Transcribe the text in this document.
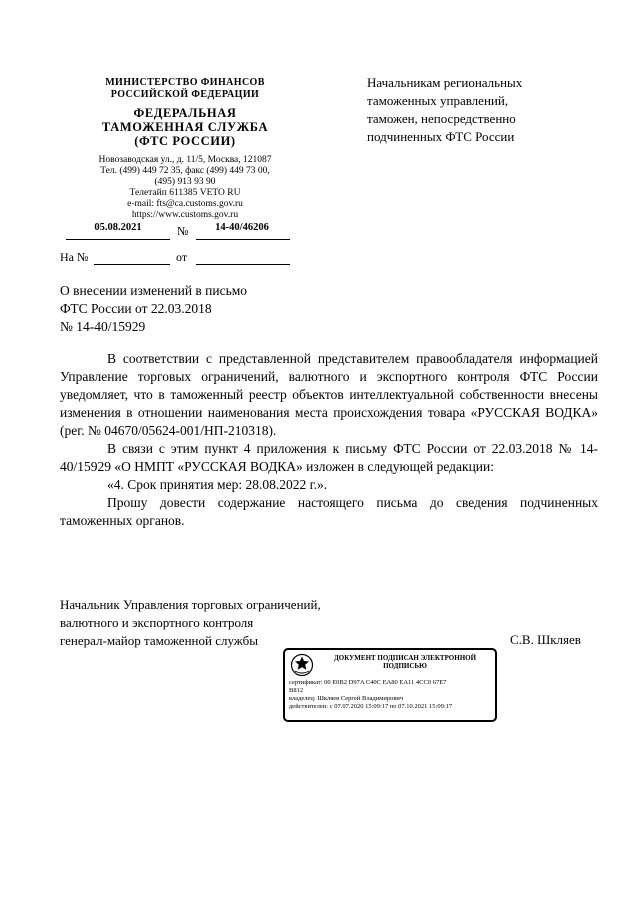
МИНИСТЕРСТВО ФИНАНСОВ
РОССИЙСКОЙ ФЕДЕРАЦИИ
ФЕДЕРАЛЬНАЯ
ТАМОЖЕННАЯ СЛУЖБА
(ФТС РОССИИ)
Новозаводская ул., д. 11/5, Москва, 121087
Тел. (499) 449 72 35, факс (499) 449 73 00,
(495) 913 93 90
Телетайп 611385 VETO RU
e-mail: fts@ca.customs.gov.ru
https://www.customs.gov.ru
Начальникам региональных
таможенных управлений,
таможен, непосредственно
подчиненных ФТС России
05.08.2021	№	14-40/46206
На №	от
О внесении изменений в письмо
ФТС России от 22.03.2018
№ 14-40/15929

В соответствии с представленной представителем правообладателя информацией Управление торговых ограничений, валютного и экспортного контроля ФТС России уведомляет, что в таможенный реестр объектов интеллектуальной собственности внесены изменения в отношении наименования места происхождения товара «РУССКАЯ ВОДКА» (рег. № 04670/05624-001/НП-210318).

В связи с этим пункт 4 приложения к письму ФТС России от 22.03.2018 № 14-40/15929 «О НМПТ «РУССКАЯ ВОДКА» изложен в следующей редакции:

«4. Срок принятия мер: 28.08.2022 г.».

Прошу довести содержание настоящего письма до сведения подчиненных таможенных органов.

Начальник Управления торговых ограничений,
валютного и экспортного контроля
генерал-майор таможенной службы	С.В. Шкляев
ДОКУМЕНТ ПОДПИСАН ЭЛЕКТРОННОЙ ПОДПИСЬЮ
сертификат: 00 E0B2 D97A C40C EA80 EA11 4CC0 67E7
B812
владелец: Шкляев Сергей Владимирович
действителен: с 07.07.2020 15:09:17 по 07.10.2021 15:09:17
